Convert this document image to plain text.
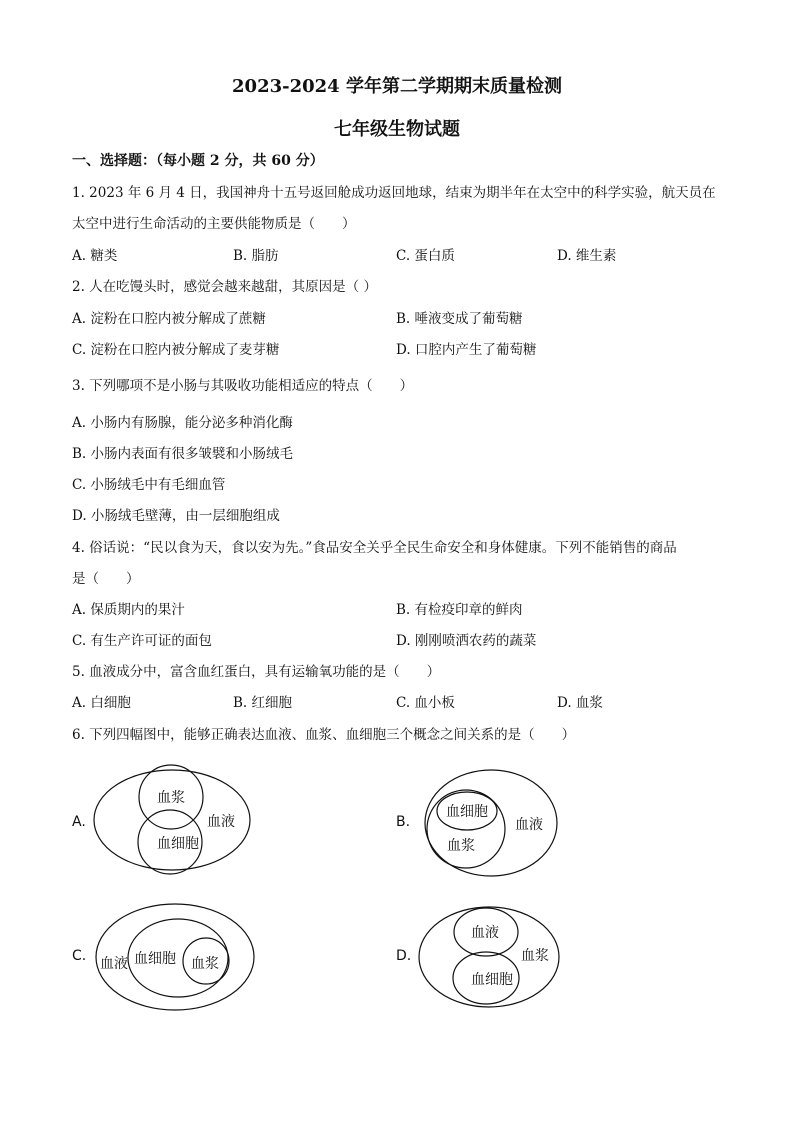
2023-2024 学年第二学期期末质量检测
七年级生物试题
一、选择题：（每小题 2 分，共 60 分）
1. 2023 年 6 月 4 日，我国神舟十五号返回舱成功返回地球，结束为期半年在太空中的科学实验，航天员在
太空中进行生命活动的主要供能物质是（　　）
A. 糖类	B. 脂肪	C. 蛋白质	D. 维生素
2. 人在吃馒头时，感觉会越来越甜，其原因是（ ）
A. 淀粉在口腔内被分解成了蔗糖	B. 唾液变成了葡萄糖
C. 淀粉在口腔内被分解成了麦芽糖	D. 口腔内产生了葡萄糖
3. 下列哪项不是小肠与其吸收功能相适应的特点（　　）
A. 小肠内有肠腺，能分泌多种消化酶
B. 小肠内表面有很多皱襞和小肠绒毛
C. 小肠绒毛中有毛细血管
D. 小肠绒毛壁薄，由一层细胞组成
4. 俗话说：“民以食为天，食以安为先。”食品安全关乎全民生命安全和身体健康。下列不能销售的商品
是（　　）
A. 保质期内的果汁	B. 有检疫印章的鲜肉
C. 有生产许可证的面包	D. 刚刚喷洒农药的蔬菜
5. 血液成分中，富含血红蛋白，具有运输氧功能的是（　　）
A. 白细胞	B. 红细胞	C. 血小板	D. 血浆
6. 下列四幅图中，能够正确表达血液、血浆、血细胞三个概念之间关系的是（　　）
A.
血浆
血液
血细胞
B.
血细胞
血浆
血液
C. 血液 血细胞 血浆	D.
血液
血浆
血细胞
